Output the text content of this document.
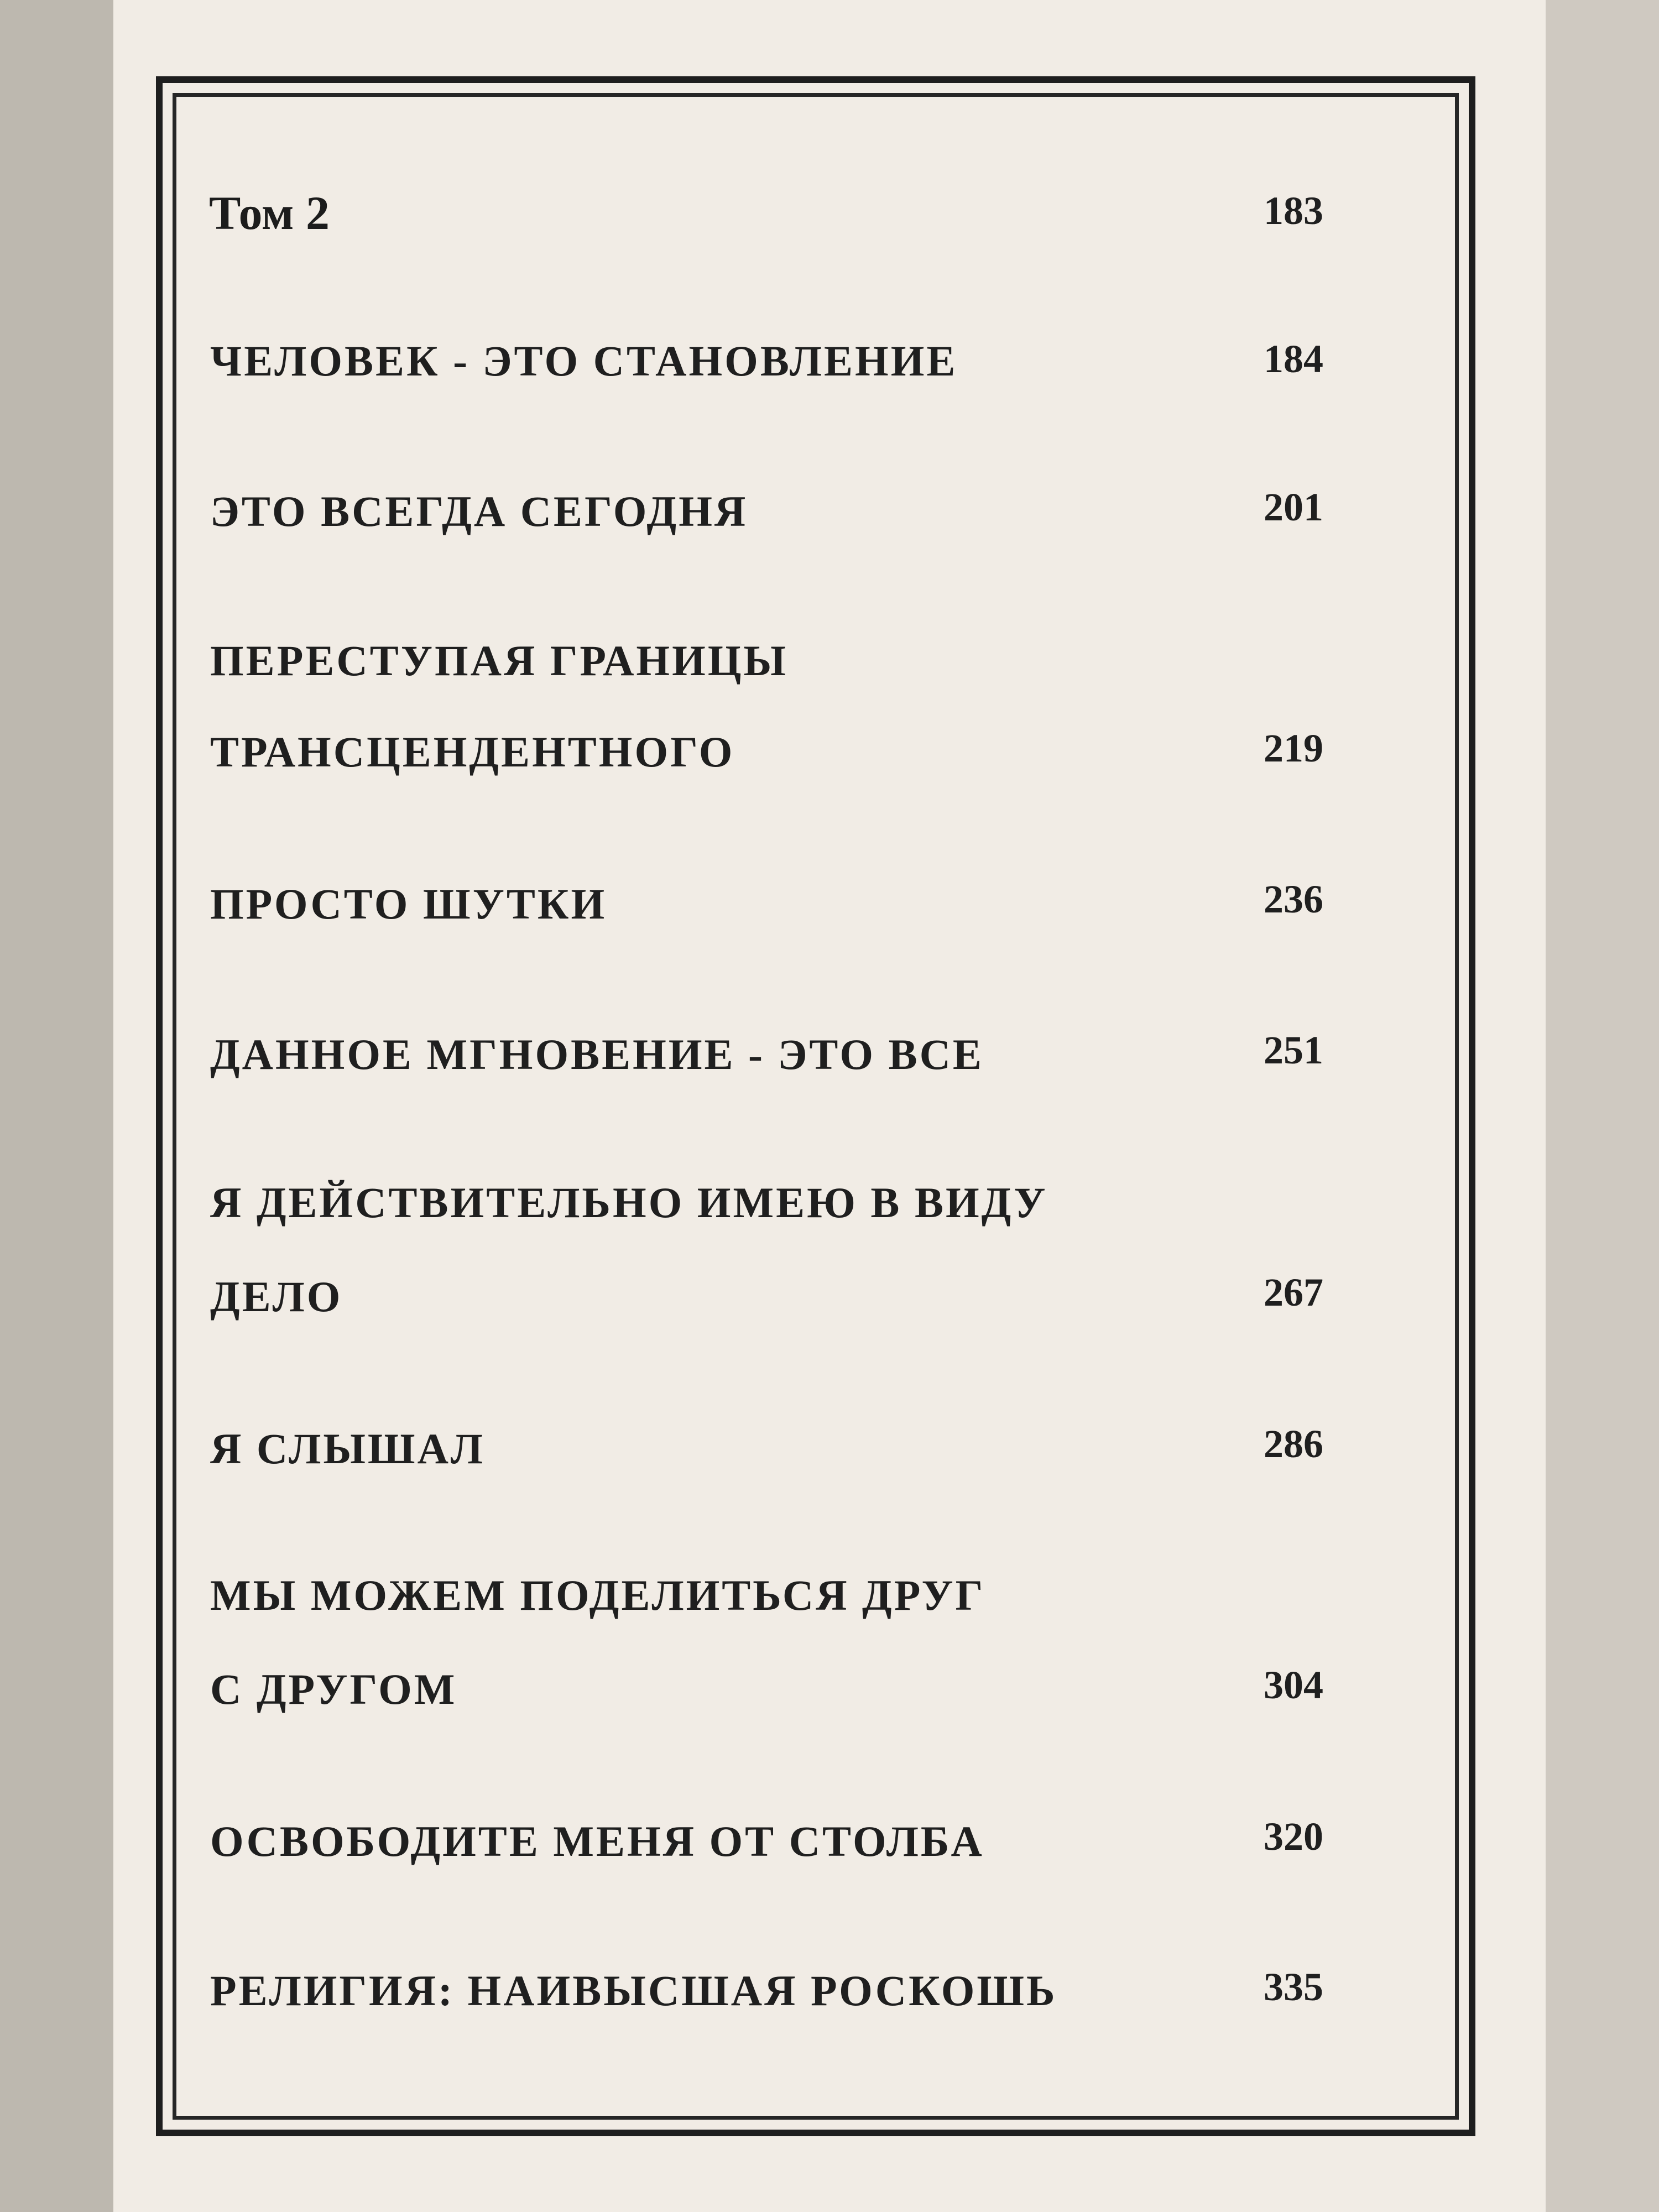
Том 2	183
ЧЕЛОВЕК - ЭТО СТАНОВЛЕНИЕ	184
ЭТО ВСЕГДА СЕГОДНЯ	201
ПЕРЕСТУПАЯ ГРАНИЦЫ
ТРАНСЦЕНДЕНТНОГО	219
ПРОСТО ШУТКИ	236
ДАННОЕ МГНОВЕНИЕ - ЭТО ВСЕ	251
Я ДЕЙСТВИТЕЛЬНО ИМЕЮ В ВИДУ
ДЕЛО	267
Я СЛЫШАЛ	286
МЫ МОЖЕМ ПОДЕЛИТЬСЯ ДРУГ
С ДРУГОМ	304
ОСВОБОДИТЕ МЕНЯ ОТ СТОЛБА	320
РЕЛИГИЯ: НАИВЫСШАЯ РОСКОШЬ	335
